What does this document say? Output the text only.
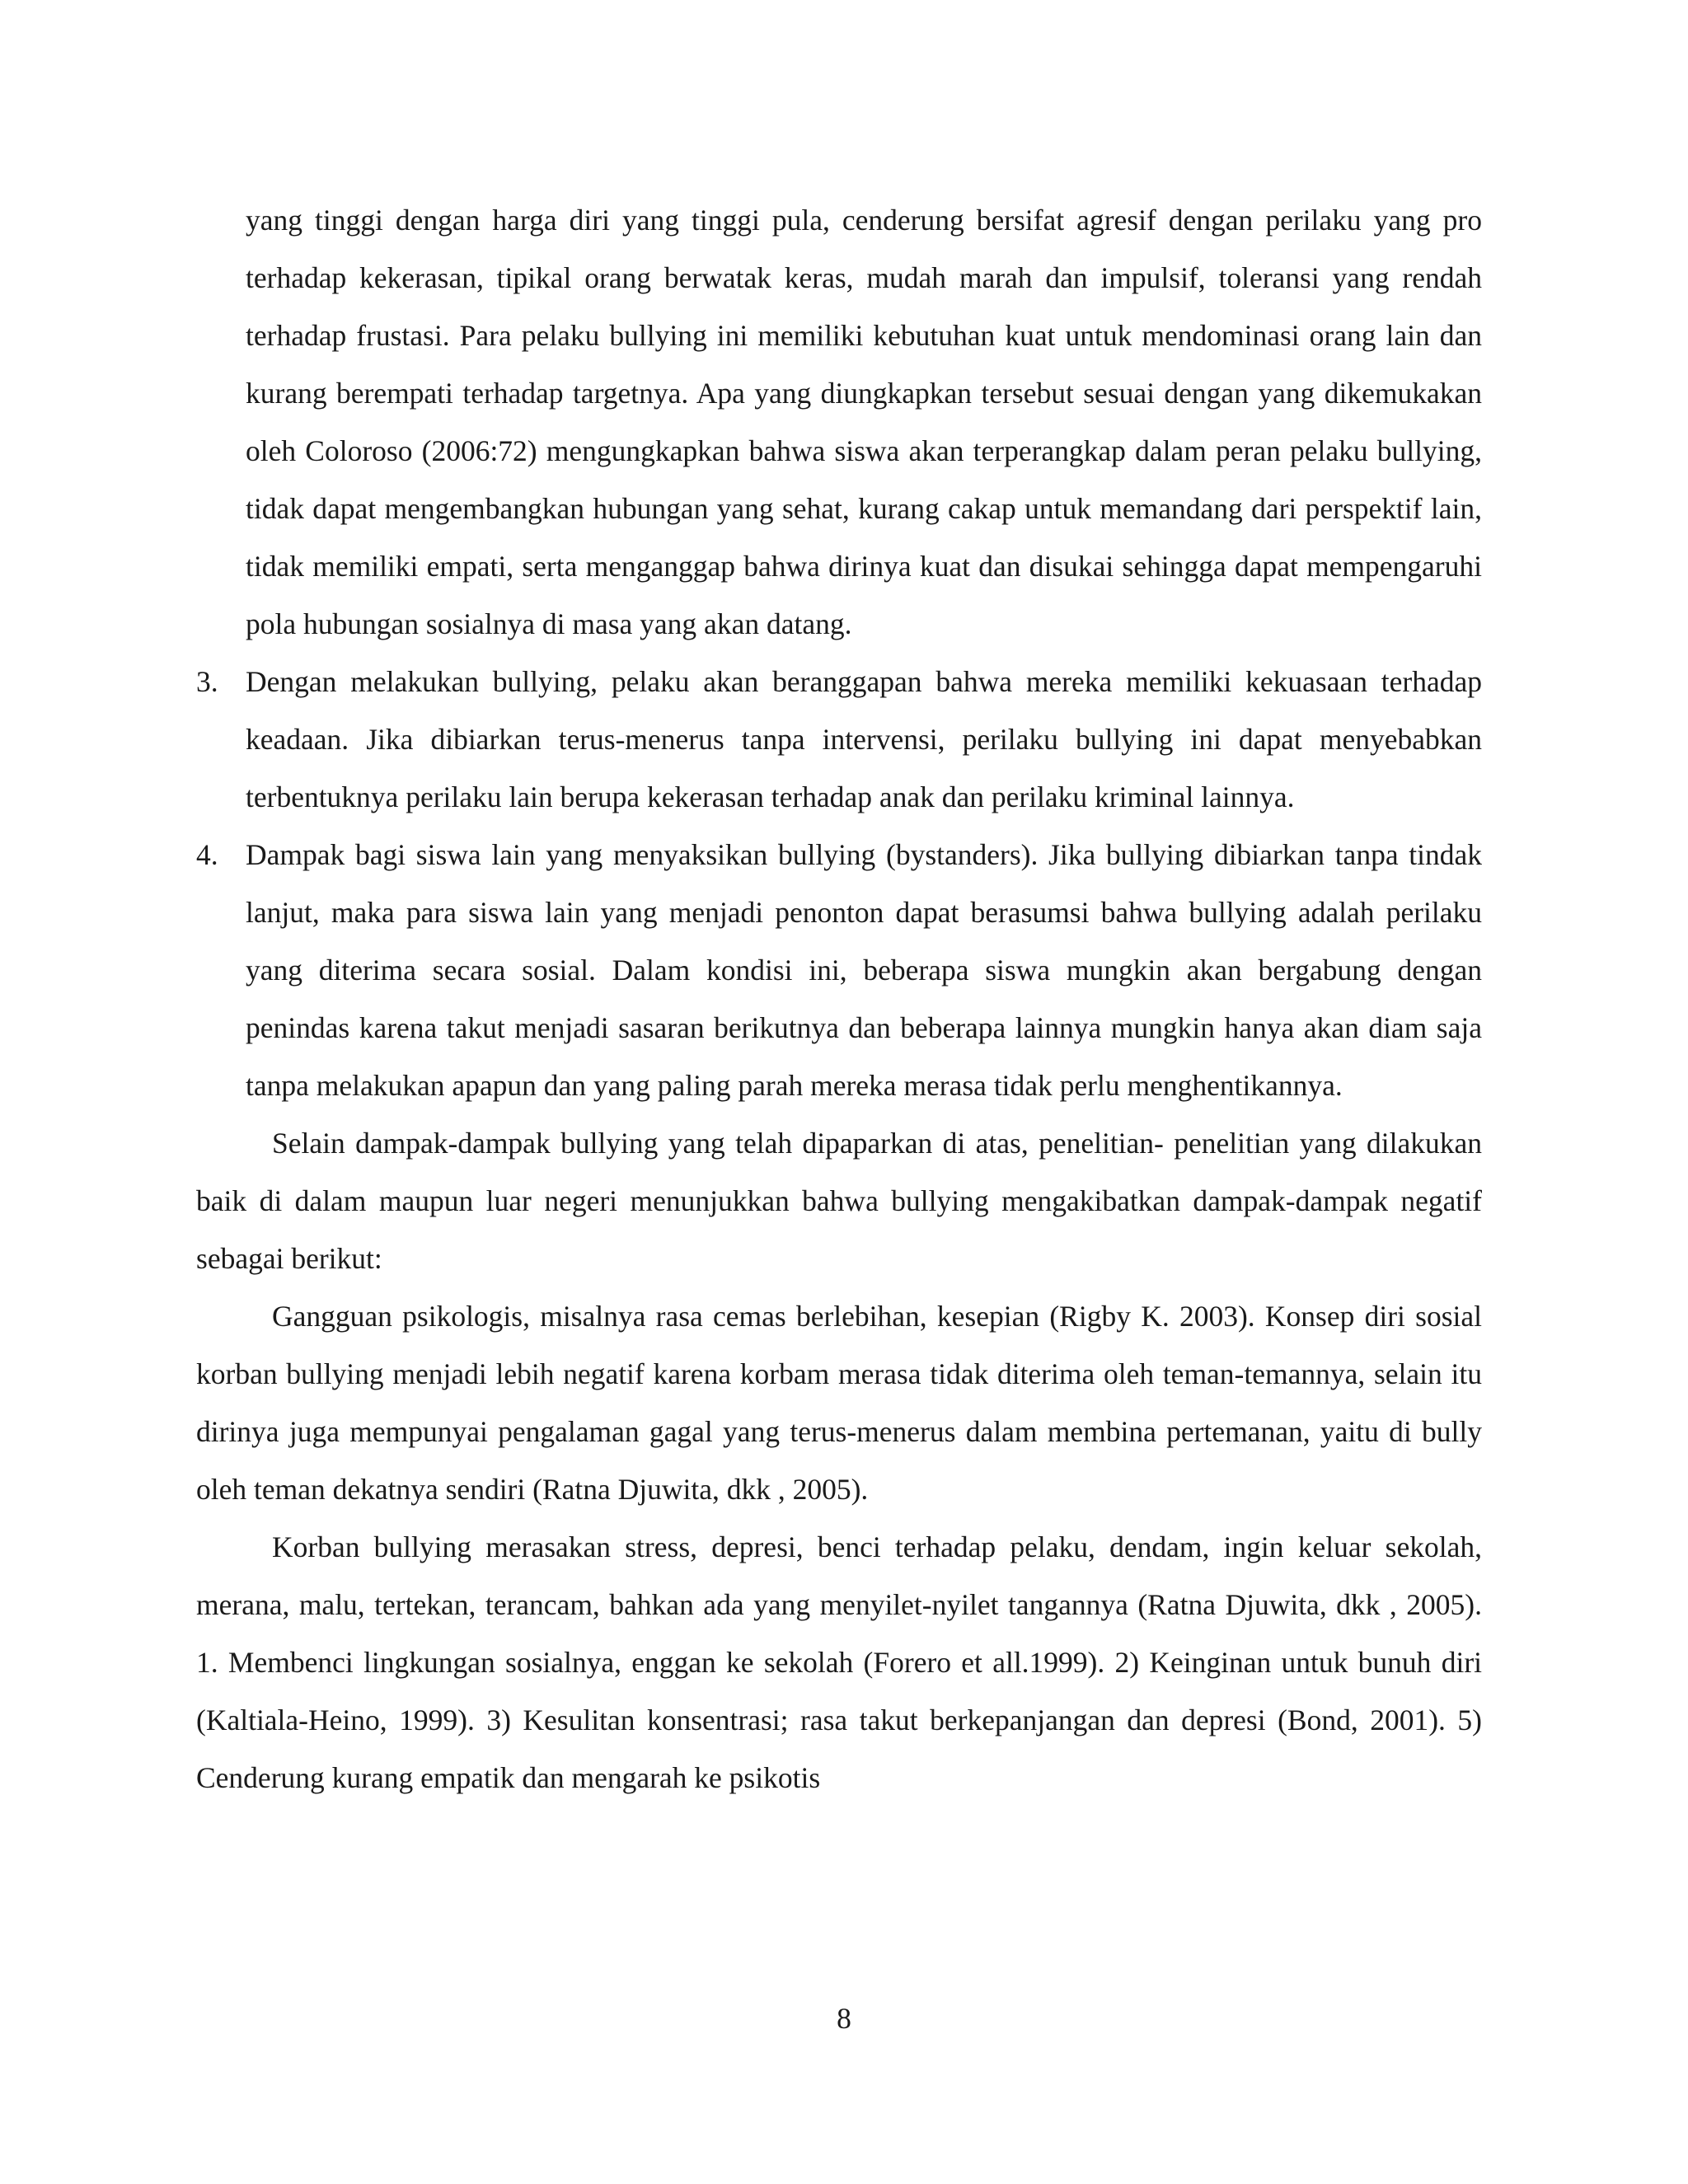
yang tinggi dengan harga diri yang tinggi pula, cenderung bersifat agresif dengan perilaku yang pro terhadap kekerasan, tipikal orang berwatak keras, mudah marah dan impulsif, toleransi yang rendah terhadap frustasi. Para pelaku bullying ini memiliki kebutuhan kuat untuk mendominasi orang lain dan kurang berempati terhadap targetnya. Apa yang diungkapkan tersebut sesuai dengan yang dikemukakan oleh Coloroso (2006:72) mengungkapkan bahwa siswa akan terperangkap dalam peran pelaku bullying, tidak dapat mengembangkan hubungan yang sehat, kurang cakap untuk memandang dari perspektif lain, tidak memiliki empati, serta menganggap bahwa dirinya kuat dan disukai sehingga dapat mempengaruhi pola hubungan sosialnya di masa yang akan datang.

3. Dengan melakukan bullying, pelaku akan beranggapan bahwa mereka memiliki kekuasaan terhadap keadaan. Jika dibiarkan terus-menerus tanpa intervensi, perilaku bullying ini dapat menyebabkan terbentuknya perilaku lain berupa kekerasan terhadap anak dan perilaku kriminal lainnya.

4. Dampak bagi siswa lain yang menyaksikan bullying (bystanders). Jika bullying dibiarkan tanpa tindak lanjut, maka para siswa lain yang menjadi penonton dapat berasumsi bahwa bullying adalah perilaku yang diterima secara sosial. Dalam kondisi ini, beberapa siswa mungkin akan bergabung dengan penindas karena takut menjadi sasaran berikutnya dan beberapa lainnya mungkin hanya akan diam saja tanpa melakukan apapun dan yang paling parah mereka merasa tidak perlu menghentikannya.

Selain dampak-dampak bullying yang telah dipaparkan di atas, penelitian- penelitian yang dilakukan baik di dalam maupun luar negeri menunjukkan bahwa bullying mengakibatkan dampak-dampak negatif sebagai berikut:

Gangguan psikologis, misalnya rasa cemas berlebihan, kesepian (Rigby K. 2003). Konsep diri sosial korban bullying menjadi lebih negatif karena korbam merasa tidak diterima oleh teman-temannya, selain itu dirinya juga mempunyai pengalaman gagal yang terus-menerus dalam membina pertemanan, yaitu di bully oleh teman dekatnya sendiri (Ratna Djuwita, dkk , 2005).

Korban bullying merasakan stress, depresi, benci terhadap pelaku, dendam, ingin keluar sekolah, merana, malu, tertekan, terancam, bahkan ada yang menyilet-nyilet tangannya (Ratna Djuwita, dkk , 2005). 1. Membenci lingkungan sosialnya, enggan ke sekolah (Forero et all.1999). 2) Keinginan untuk bunuh diri (Kaltiala-Heino, 1999). 3) Kesulitan konsentrasi; rasa takut berkepanjangan dan depresi (Bond, 2001). 5) Cenderung kurang empatik dan mengarah ke psikotis

8
